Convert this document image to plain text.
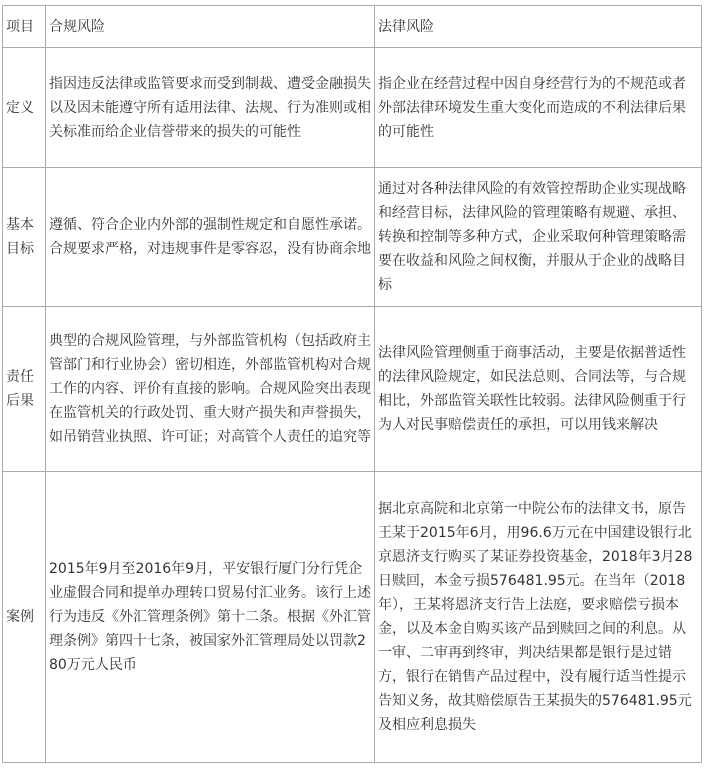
项目	合规风险	法律风险
定义	指因违反法律或监管要求而受到制裁、遭受金融损失以及因未能遵守所有适用法律、法规、行为准则或相关标准而给企业信誉带来的损失的可能性	指企业在经营过程中因自身经营行为的不规范或者外部法律环境发生重大变化而造成的不利法律后果的可能性
基本目标	遵循、符合企业内外部的强制性规定和自愿性承诺。合规要求严格，对违规事件是零容忍，没有协商余地	通过对各种法律风险的有效管控帮助企业实现战略和经营目标，法律风险的管理策略有规避、承担、转换和控制等多种方式，企业采取何种管理策略需要在收益和风险之间权衡，并服从于企业的战略目标
责任后果	典型的合规风险管理，与外部监管机构（包括政府主管部门和行业协会）密切相连，外部监管机构对合规工作的内容、评价有直接的影响。合规风险突出表现在监管机关的行政处罚、重大财产损失和声誉损失，如吊销营业执照、许可证；对高管个人责任的追究等	法律风险管理侧重于商事活动，主要是依据普适性的法律风险规定，如民法总则、合同法等，与合规相比，外部监管关联性比较弱。法律风险侧重于行为人对民事赔偿责任的承担，可以用钱来解决
案例	2015年9月至2016年9月，平安银行厦门分行凭企业虚假合同和提单办理转口贸易付汇业务。该行上述行为违反《外汇管理条例》第十二条。根据《外汇管理条例》第四十七条，被国家外汇管理局处以罚款280万元人民币	据北京高院和北京第一中院公布的法律文书，原告王某于2015年6月，用96.6万元在中国建设银行北京恩济支行购买了某证券投资基金，2018年3月28日赎回，本金亏损576481.95元。在当年（2018年），王某将恩济支行告上法庭，要求赔偿亏损本金，以及本金自购买该产品到赎回之间的利息。从一审、二审再到终审，判决结果都是银行是过错方，银行在销售产品过程中，没有履行适当性提示告知义务，故其赔偿原告王某损失的576481.95元及相应利息损失
